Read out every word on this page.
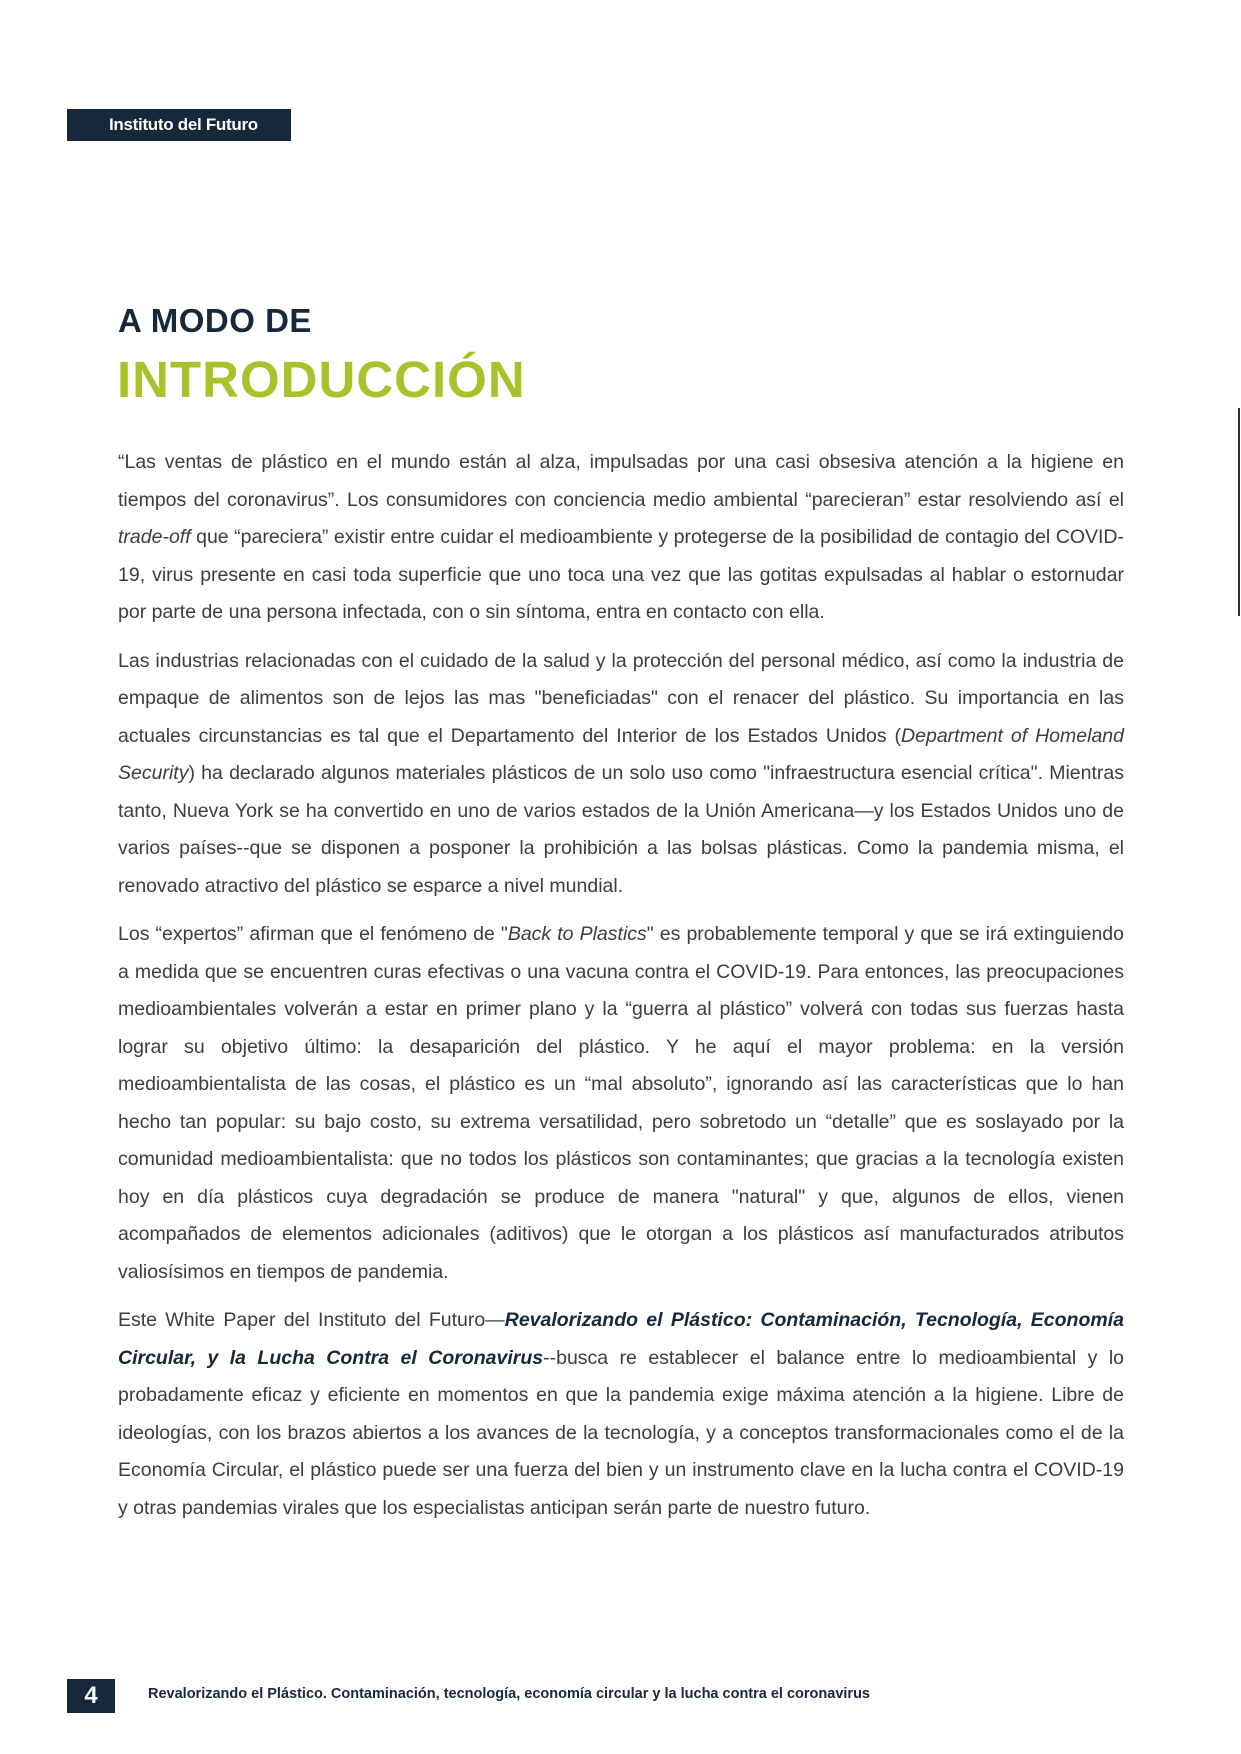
Instituto del Futuro
A MODO DE
INTRODUCCIÓN

“Las ventas de plástico en el mundo están al alza, impulsadas por una casi obsesiva atención a la higiene en tiempos del coronavirus”. Los consumidores con conciencia medio ambiental “parecieran” estar resolviendo así el trade-off que “pareciera” existir entre cuidar el medioambiente y protegerse de la posibilidad de contagio del COVID-19, virus presente en casi toda superficie que uno toca una vez que las gotitas expulsadas al hablar o estornudar por parte de una persona infectada, con o sin síntoma, entra en contacto con ella.

Las industrias relacionadas con el cuidado de la salud y la protección del personal médico, así como la industria de empaque de alimentos son de lejos las mas "beneficiadas" con el renacer del plástico. Su importancia en las actuales circunstancias es tal que el Departamento del Interior de los Estados Unidos (Department of Homeland Security) ha declarado algunos materiales plásticos de un solo uso como "infraestructura esencial crítica". Mientras tanto, Nueva York se ha convertido en uno de varios estados de la Unión Americana—y los Estados Unidos uno de varios países--que se disponen a posponer la prohibición a las bolsas plásticas. Como la pandemia misma, el renovado atractivo del plástico se esparce a nivel mundial.

Los “expertos” afirman que el fenómeno de "Back to Plastics" es probablemente temporal y que se irá extinguiendo a medida que se encuentren curas efectivas o una vacuna contra el COVID-19. Para entonces, las preocupaciones medioambientales volverán a estar en primer plano y la “guerra al plástico” volverá con todas sus fuerzas hasta lograr su objetivo último: la desaparición del plástico. Y he aquí el mayor problema: en la versión medioambientalista de las cosas, el plástico es un “mal absoluto”, ignorando así las características que lo han hecho tan popular: su bajo costo, su extrema versatilidad, pero sobretodo un “detalle” que es soslayado por la comunidad medioambientalista: que no todos los plásticos son contaminantes; que gracias a la tecnología existen hoy en día plásticos cuya degradación se produce de manera "natural" y que, algunos de ellos, vienen acompañados de elementos adicionales (aditivos) que le otorgan a los plásticos así manufacturados atributos valiosísimos en tiempos de pandemia.

Este White Paper del Instituto del Futuro—Revalorizando el Plástico: Contaminación, Tecnología, Economía Circular, y la Lucha Contra el Coronavirus--busca re establecer el balance entre lo medioambiental y lo probadamente eficaz y eficiente en momentos en que la pandemia exige máxima atención a la higiene. Libre de ideologías, con los brazos abiertos a los avances de la tecnología, y a conceptos transformacionales como el de la Economía Circular, el plástico puede ser una fuerza del bien y un instrumento clave en la lucha contra el COVID-19 y otras pandemias virales que los especialistas anticipan serán parte de nuestro futuro.

4	Revalorizando el Plástico. Contaminación, tecnología, economía circular y la lucha contra el coronavirus
